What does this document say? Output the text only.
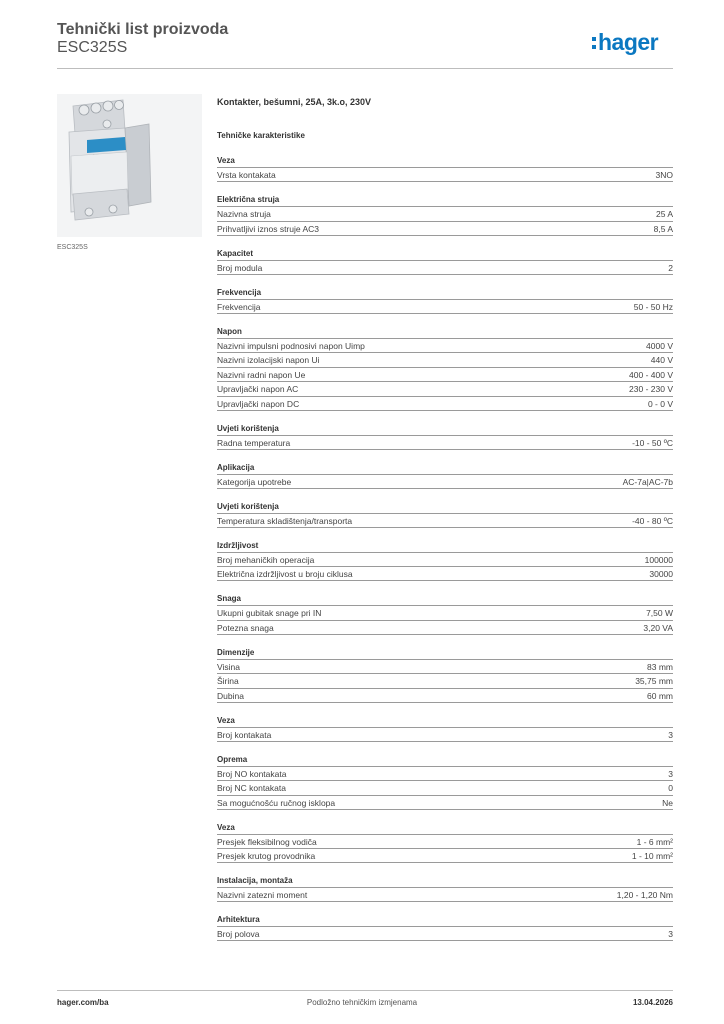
Tehnički list proizvoda
ESC325S	hager
ESC325S
Kontakter, bešumni, 25A, 3k.o, 230V
Tehničke karakteristike
Veza
Vrsta kontakata	3NO
Električna struja
Nazivna struja	25 A
Prihvatljivi iznos struje AC3	8,5 A
Kapacitet
Broj modula	2
Frekvencija
Frekvencija	50 - 50 Hz
Napon
Nazivni impulsni podnosivi napon Uimp	4000 V
Nazivni izolacijski napon Ui	440 V
Nazivni radni napon Ue	400 - 400 V
Upravljački napon AC	230 - 230 V
Upravljački napon DC	0 - 0 V
Uvjeti korištenja
Radna temperatura	-10 - 50 ºC
Aplikacija
Kategorija upotrebe	AC-7a|AC-7b
Uvjeti korištenja
Temperatura skladištenja/transporta	-40 - 80 ºC
Izdržljivost
Broj mehaničkih operacija	100000
Električna izdržljivost u broju ciklusa	30000
Snaga
Ukupni gubitak snage pri IN	7,50 W
Potezna snaga	3,20 VA
Dimenzije
Visina	83 mm
Širina	35,75 mm
Dubina	60 mm
Veza
Broj kontakata	3
Oprema
Broj NO kontakata	3
Broj NC kontakata	0
Sa mogućnošću ručnog isklopa	Ne
Veza
Presjek fleksibilnog vodiča	1 - 6 mm²
Presjek krutog provodnika	1 - 10 mm²
Instalacija, montaža
Nazivni zatezni moment	1,20 - 1,20 Nm
Arhitektura
Broj polova	3
hager.com/ba	Podložno tehničkim izmjenama	13.04.2026
